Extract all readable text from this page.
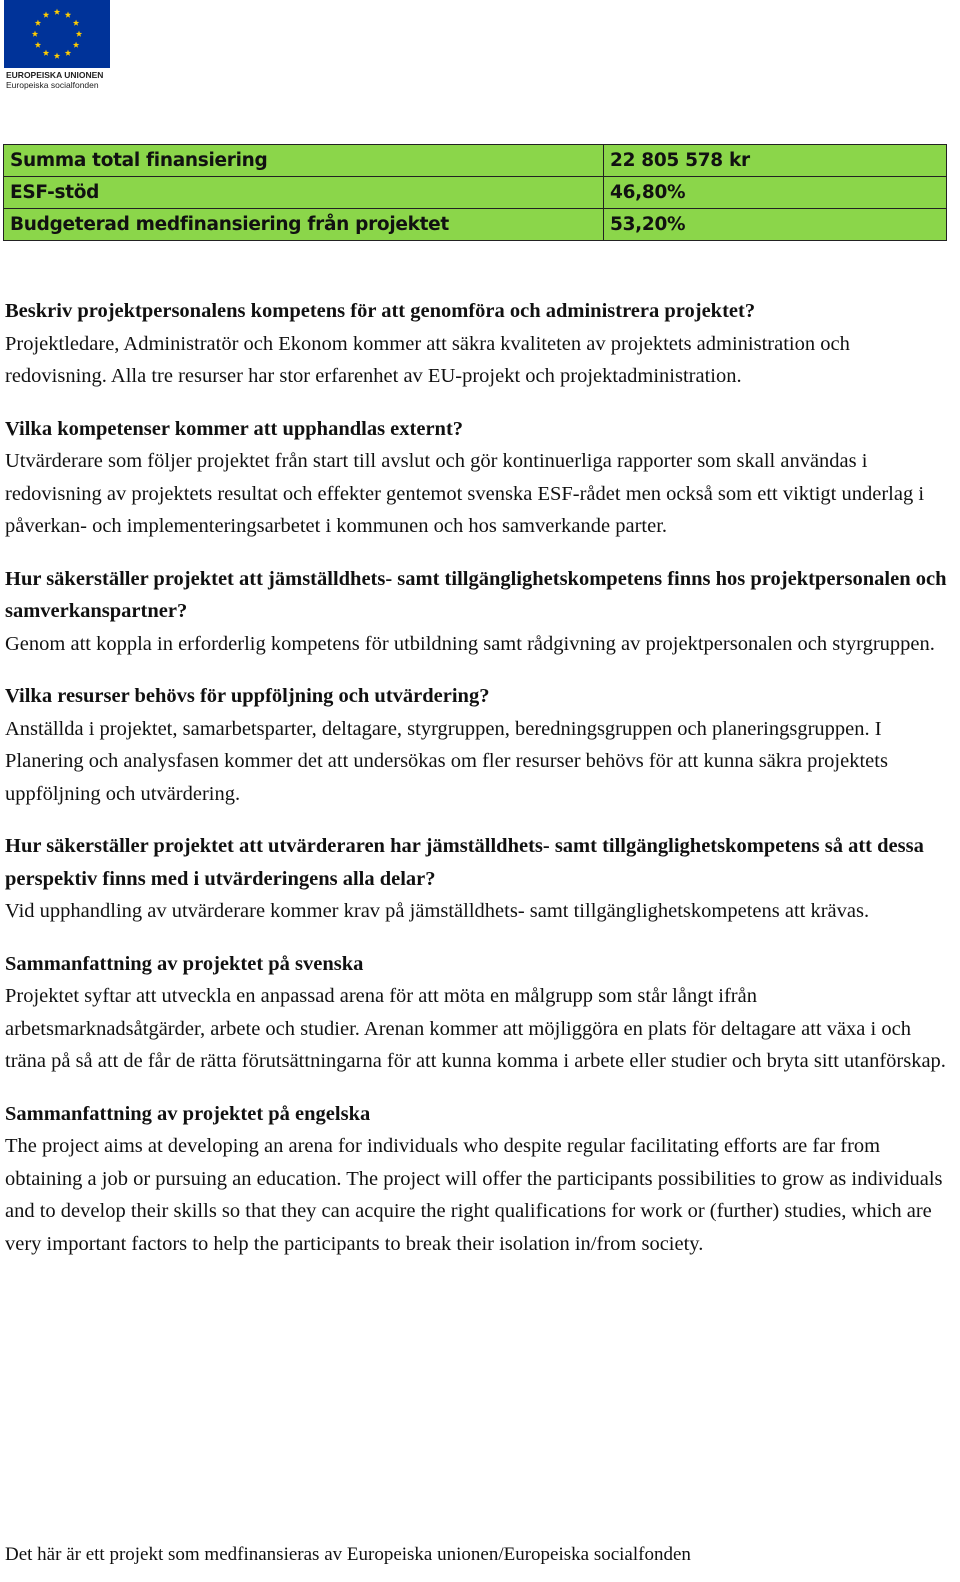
EUROPEISKA UNIONEN
Europeiska socialfonden
Summa total finansiering	22 805 578 kr
ESF-stöd	46,80%
Budgeterad medfinansiering från projektet	53,20%

Beskriv projektpersonalens kompetens för att genomföra och administrera projektet?

Projektledare, Administratör och Ekonom kommer att säkra kvaliteten av projektets administration och redovisning. Alla tre resurser har stor erfarenhet av EU-projekt och projektadministration.

Vilka kompetenser kommer att upphandlas externt?

Utvärderare som följer projektet från start till avslut och gör kontinuerliga rapporter som skall användas i redovisning av projektets resultat och effekter gentemot svenska ESF-rådet men också som ett viktigt underlag i påverkan- och implementeringsarbetet i kommunen och hos samverkande parter.

Hur säkerställer projektet att jämställdhets- samt tillgänglighetskompetens finns hos projektpersonalen och samverkanspartner?

Genom att koppla in erforderlig kompetens för utbildning samt rådgivning av projektpersonalen och styrgruppen.

Vilka resurser behövs för uppföljning och utvärdering?

Anställda i projektet, samarbetsparter, deltagare, styrgruppen, beredningsgruppen och planeringsgruppen. I Planering och analysfasen kommer det att undersökas om fler resurser behövs för att kunna säkra projektets uppföljning och utvärdering.

Hur säkerställer projektet att utvärderaren har jämställdhets- samt tillgänglighetskompetens så att dessa perspektiv finns med i utvärderingens alla delar?

Vid upphandling av utvärderare kommer krav på jämställdhets- samt tillgänglighetskompetens att krävas.

Sammanfattning av projektet på svenska

Projektet syftar att utveckla en anpassad arena för att möta en målgrupp som står långt ifrån arbetsmarknadsåtgärder, arbete och studier. Arenan kommer att möjliggöra en plats för deltagare att växa i och träna på så att de får de rätta förutsättningarna för att kunna komma i arbete eller studier och bryta sitt utanförskap.

Sammanfattning av projektet på engelska

The project aims at developing an arena for individuals who despite regular facilitating efforts are far from obtaining a job or pursuing an education. The project will offer the participants possibilities to grow as individuals and to develop their skills so that they can acquire the right qualifications for work or (further) studies, which are very important factors to help the participants to break their isolation in/from society.

Det här är ett projekt som medfinansieras av Europeiska unionen/Europeiska socialfonden
